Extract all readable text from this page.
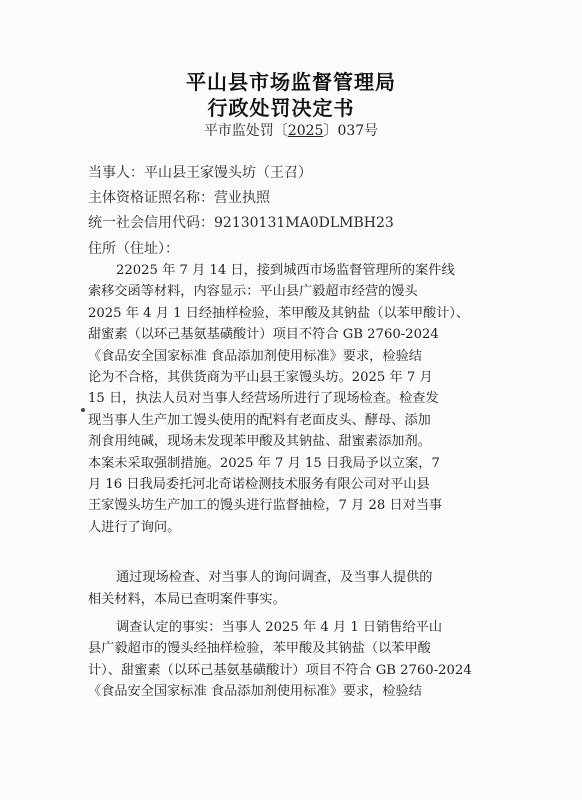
平山县市场监督管理局
行政处罚决定书
平市监处罚〔2025〕037号
当事人：平山县王家馒头坊（王召）
主体资格证照名称：营业执照
统一社会信用代码：92130131MA0DLMBH23
住所（住址）：
22025 年 7 月 14 日，接到城西市场监督管理所的案件线
索移交函等材料，内容显示：平山县广毅超市经营的馒头
2025 年 4 月 1 日经抽样检验，苯甲酸及其钠盐（以苯甲酸计）、
甜蜜素（以环己基氨基磺酸计）项目不符合 GB 2760-2024
《食品安全国家标准 食品添加剂使用标准》要求，检验结
论为不合格，其供货商为平山县王家馒头坊。2025 年 7 月
15 日，执法人员对当事人经营场所进行了现场检查。检查发
现当事人生产加工馒头使用的配料有老面皮头、酵母、添加
剂食用纯碱，现场未发现苯甲酸及其钠盐、甜蜜素添加剂。
本案未采取强制措施。2025 年 7 月 15 日我局予以立案，7
月 16 日我局委托河北奇诺检测技术服务有限公司对平山县
王家馒头坊生产加工的馒头进行监督抽检，7 月 28 日对当事
人进行了询问。
通过现场检查、对当事人的询问调查，及当事人提供的
相关材料，本局已查明案件事实。
调查认定的事实：当事人 2025 年 4 月 1 日销售给平山
县广毅超市的馒头经抽样检验，苯甲酸及其钠盐（以苯甲酸
计）、甜蜜素（以环己基氨基磺酸计）项目不符合 GB 2760-2024
《食品安全国家标准 食品添加剂使用标准》要求，检验结
